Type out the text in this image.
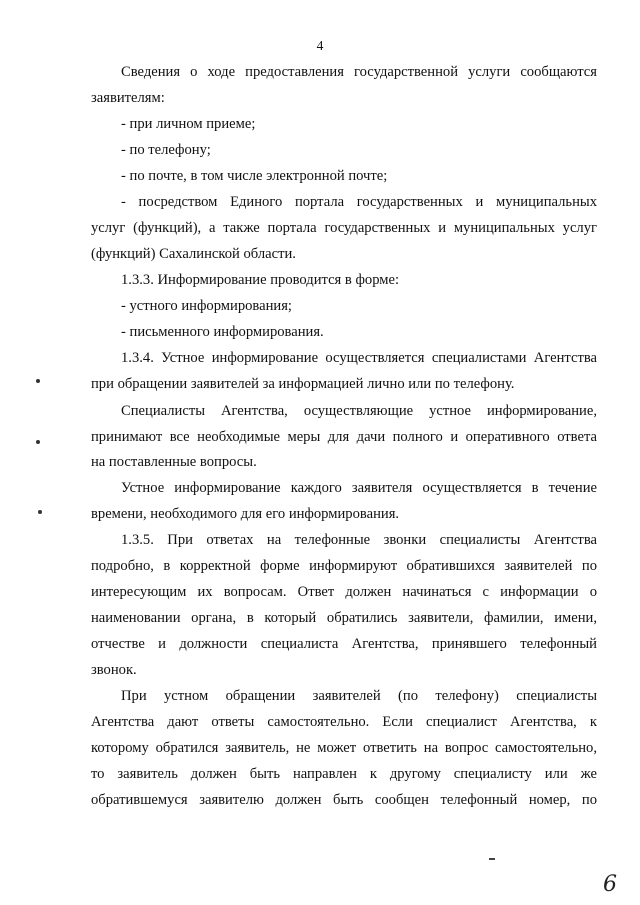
4
Сведения о ходе предоставления государственной услуги сообщаются
заявителям:
- при личном приеме;
- по телефону;
- по почте, в том числе электронной почте;
- посредством Единого портала государственных и муниципальных
услуг (функций), а также портала государственных и муниципальных услуг
(функций) Сахалинской области.
1.3.3. Информирование проводится в форме:
- устного информирования;
- письменного информирования.
1.3.4. Устное информирование осуществляется специалистами Агентства
при обращении заявителей за информацией лично или по телефону.
Специалисты Агентства, осуществляющие устное информирование,
принимают все необходимые меры для дачи полного и оперативного ответа
на поставленные вопросы.
Устное информирование каждого заявителя осуществляется в течение
времени, необходимого для его информирования.
1.3.5. При ответах на телефонные звонки специалисты Агентства
подробно, в корректной форме информируют обратившихся заявителей по
интересующим их вопросам. Ответ должен начинаться с информации о
наименовании органа, в который обратились заявители, фамилии, имени,
отчестве и должности специалиста Агентства, принявшего телефонный
звонок.
При устном обращении заявителей (по телефону) специалисты
Агентства дают ответы самостоятельно. Если специалист Агентства, к
которому обратился заявитель, не может ответить на вопрос самостоятельно,
то заявитель должен быть направлен к другому специалисту или же
обратившемуся заявителю должен быть сообщен телефонный номер, по
6
